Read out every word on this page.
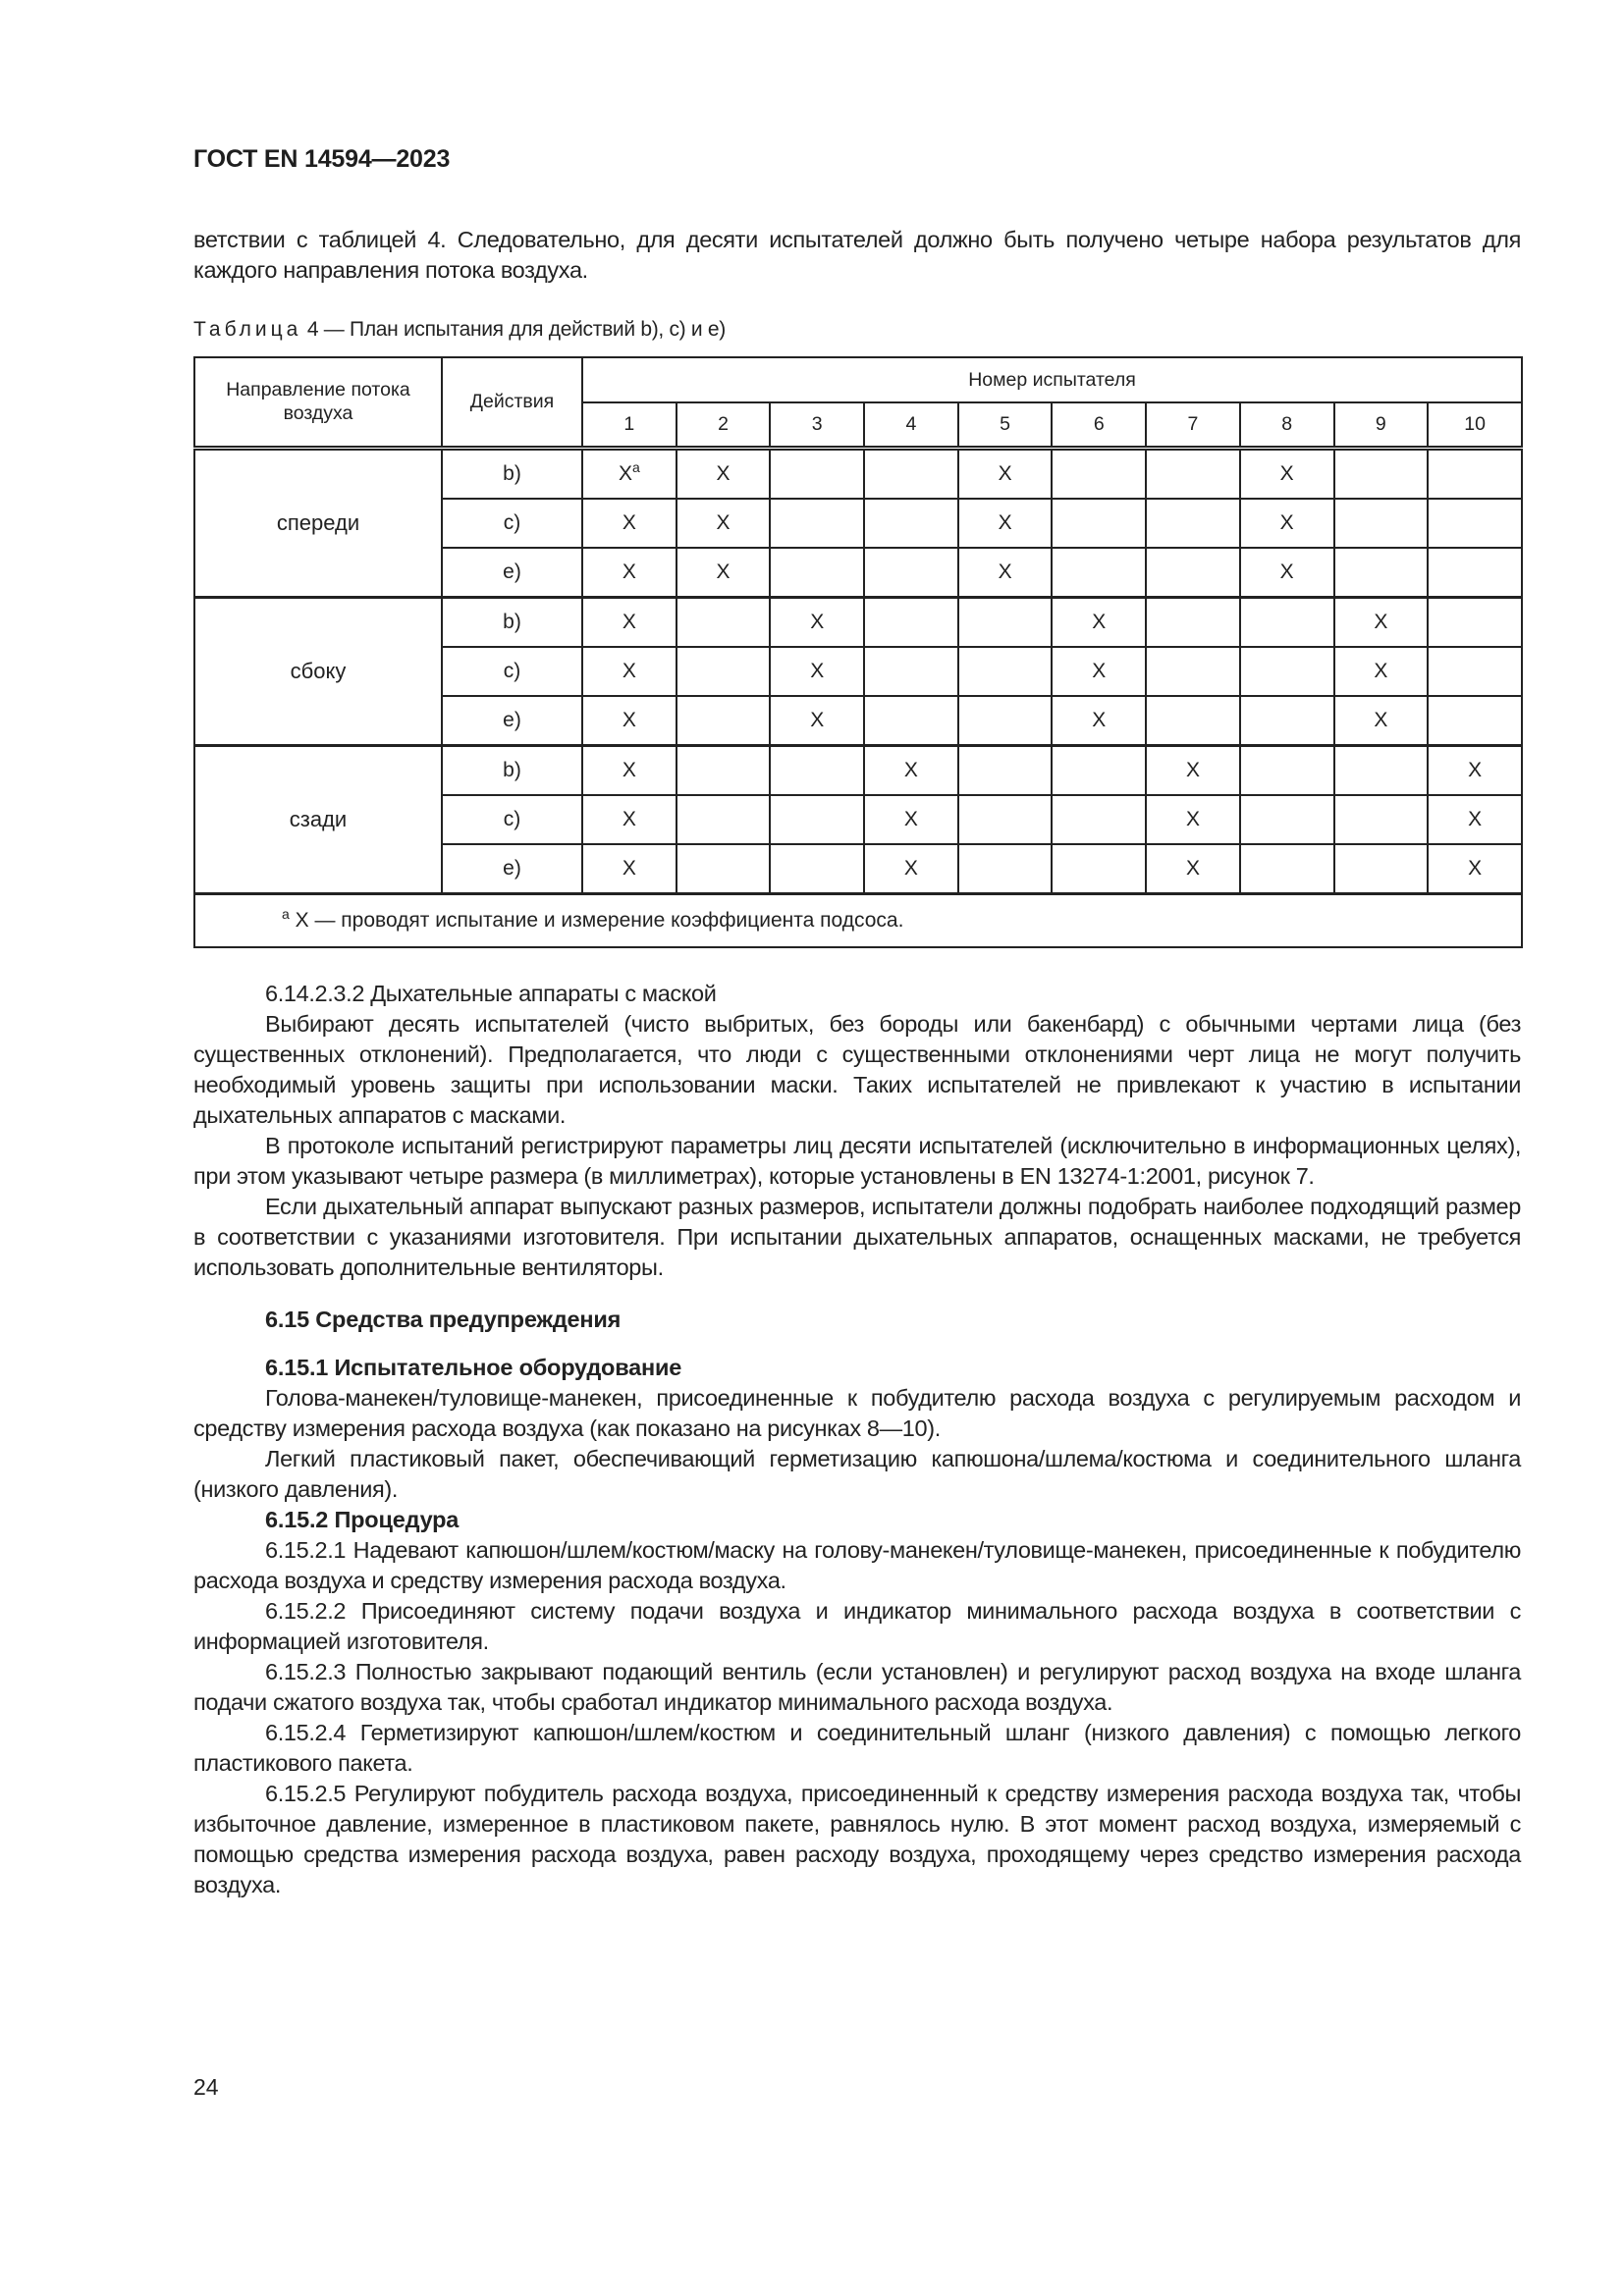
ГОСТ EN 14594—2023

ветствии с таблицей 4. Следовательно, для десяти испытателей должно быть получено четыре набора результатов для каждого направления потока воздуха.

Таблица 4 — План испытания для действий b), c) и e)
Направление потока воздуха	Действия	Номер испытателя									
		1	2	3	4	5	6	7	8	9	10
спереди	b)	$X^a$	X			X			X		
	c)	X	X			X			X		
	e)	X	X			X			X		
сбоку	b)	X		X			X			X	
	c)	X		X			X			X	
	e)	X		X			X			X	
сзади	b)	X			X			X			X
	c)	X			X			X			X
	e)	X			X			X			X
$^a$ X — проводят испытание и измерение коэффициента подсоса.											

6.14.2.3.2 Дыхательные аппараты с маской

Выбирают десять испытателей (чисто выбритых, без бороды или бакенбард) с обычными чертами лица (без существенных отклонений). Предполагается, что люди с существенными отклонениями черт лица не могут получить необходимый уровень защиты при использовании маски. Таких испытателей не привлекают к участию в испытании дыхательных аппаратов с масками.

В протоколе испытаний регистрируют параметры лиц десяти испытателей (исключительно в информационных целях), при этом указывают четыре размера (в миллиметрах), которые установлены в EN 13274-1:2001, рисунок 7.

Если дыхательный аппарат выпускают разных размеров, испытатели должны подобрать наиболее подходящий размер в соответствии с указаниями изготовителя. При испытании дыхательных аппаратов, оснащенных масками, не требуется использовать дополнительные вентиляторы.

6.15 Средства предупреждения

6.15.1 Испытательное оборудование

Голова-манекен/туловище-манекен, присоединенные к побудителю расхода воздуха с регулируемым расходом и средству измерения расхода воздуха (как показано на рисунках 8—10).

Легкий пластиковый пакет, обеспечивающий герметизацию капюшона/шлема/костюма и соединительного шланга (низкого давления).

6.15.2 Процедура

6.15.2.1 Надевают капюшон/шлем/костюм/маску на голову-манекен/туловище-манекен, присоединенные к побудителю расхода воздуха и средству измерения расхода воздуха.

6.15.2.2 Присоединяют систему подачи воздуха и индикатор минимального расхода воздуха в соответствии с информацией изготовителя.

6.15.2.3 Полностью закрывают подающий вентиль (если установлен) и регулируют расход воздуха на входе шланга подачи сжатого воздуха так, чтобы сработал индикатор минимального расхода воздуха.

6.15.2.4 Герметизируют капюшон/шлем/костюм и соединительный шланг (низкого давления) с помощью легкого пластикового пакета.

6.15.2.5 Регулируют побудитель расхода воздуха, присоединенный к средству измерения расхода воздуха так, чтобы избыточное давление, измеренное в пластиковом пакете, равнялось нулю. В этот момент расход воздуха, измеряемый с помощью средства измерения расхода воздуха, равен расходу воздуха, проходящему через средство измерения расхода воздуха.

24
